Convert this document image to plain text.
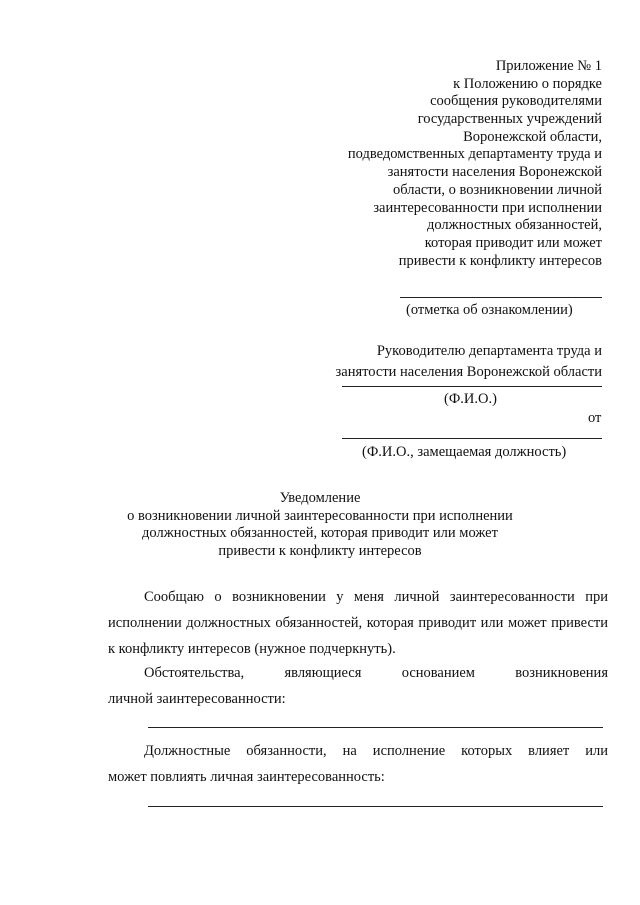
Приложение № 1
к Положению о порядке
сообщения руководителями
государственных учреждений
Воронежской области,
подведомственных департаменту труда и
занятости населения Воронежской
области, о возникновении личной
заинтересованности при исполнении
должностных обязанностей,
которая приводит или может
привести к конфликту интересов
(отметка об ознакомлении)
Руководителю департамента труда и
занятости населения Воронежской области
(Ф.И.О.)
от
(Ф.И.О., замещаемая должность)
Уведомление
о возникновении личной заинтересованности при исполнении
должностных обязанностей, которая приводит или может
привести к конфликту интересов
Сообщаю о возникновении у меня личной заинтересованности при исполнении должностных обязанностей, которая приводит или может привести к конфликту интересов (нужное подчеркнуть).
Обстоятельства,	являющиеся	основанием	возникновения
личной заинтересованности:
Должностные обязанности, на исполнение которых влияет или
может повлиять личная заинтересованность:
